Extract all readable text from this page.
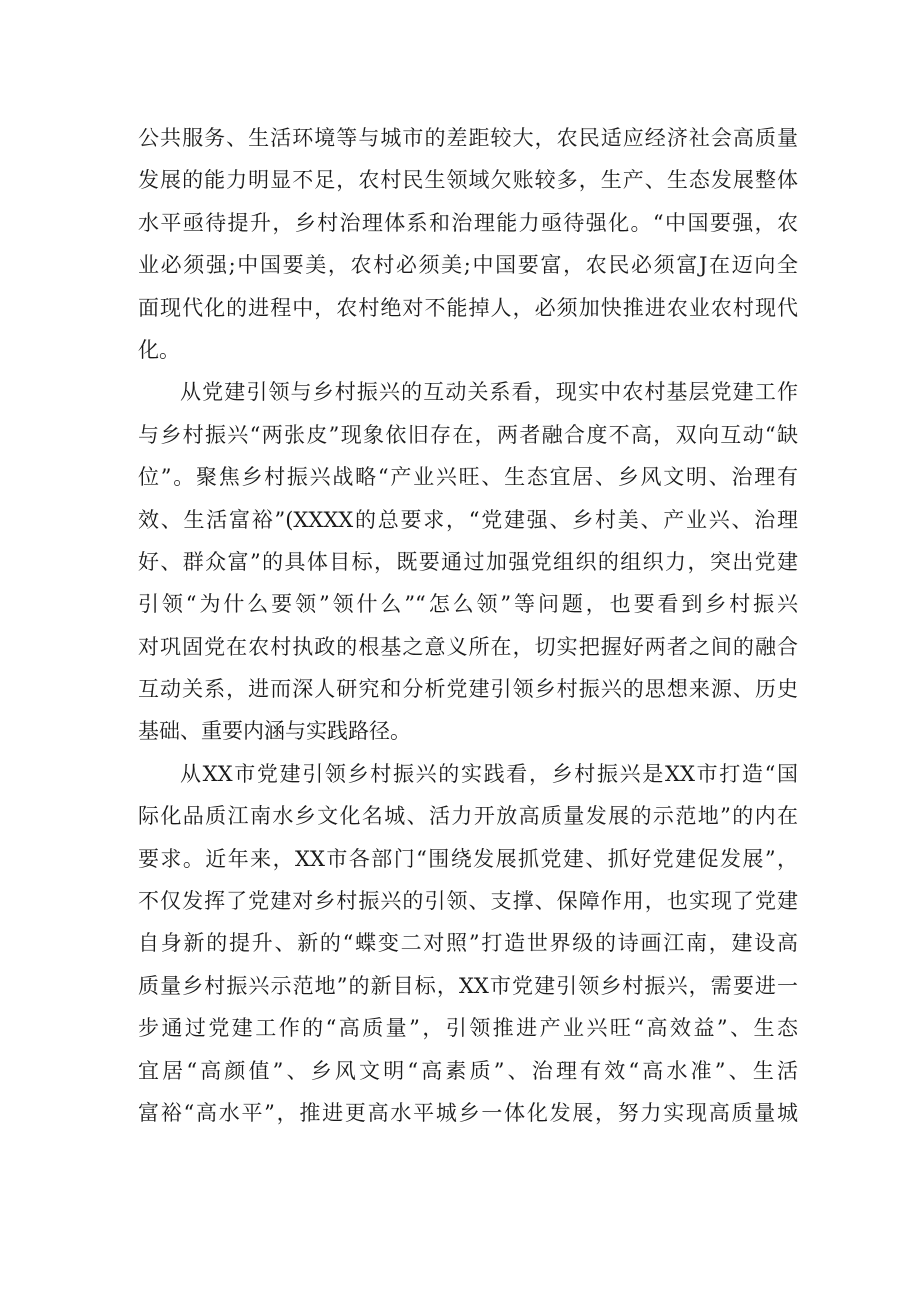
公共服务、生活环境等与城市的差距较大，农民适应经济社会高质量
发展的能力明显不足，农村民生领域欠账较多，生产、生态发展整体
水平亟待提升，乡村治理体系和治理能力亟待强化。“中国要强，农
业必须强;中国要美，农村必须美;中国要富，农民必须富J在迈向全
面现代化的进程中，农村绝对不能掉人，必须加快推进农业农村现代
化。
从党建引领与乡村振兴的互动关系看，现实中农村基层党建工作
与乡村振兴“两张皮”现象依旧存在，两者融合度不高，双向互动“缺
位”。聚焦乡村振兴战略“产业兴旺、生态宜居、乡风文明、治理有
效、生活富裕”(XXXX的总要求，“党建强、乡村美、产业兴、治理
好、群众富”的具体目标，既要通过加强党组织的组织力，突出党建
引领“为什么要领”领什么”“怎么领”等问题，也要看到乡村振兴
对巩固党在农村执政的根基之意义所在，切实把握好两者之间的融合
互动关系，进而深人研究和分析党建引领乡村振兴的思想来源、历史
基础、重要内涵与实践路径。
从XX市党建引领乡村振兴的实践看，乡村振兴是XX市打造“国
际化品质江南水乡文化名城、活力开放高质量发展的示范地”的内在
要求。近年来，XX市各部门“围绕发展抓党建、抓好党建促发展”，
不仅发挥了党建对乡村振兴的引领、支撑、保障作用，也实现了党建
自身新的提升、新的“蝶变二对照”打造世界级的诗画江南，建设高
质量乡村振兴示范地”的新目标，XX市党建引领乡村振兴，需要进一
步通过党建工作的“高质量”，引领推进产业兴旺“高效益”、生态
宜居“高颜值”、乡风文明“高素质”、治理有效“高水准”、生活
富裕“高水平”，推进更高水平城乡一体化发展，努力实现高质量城
